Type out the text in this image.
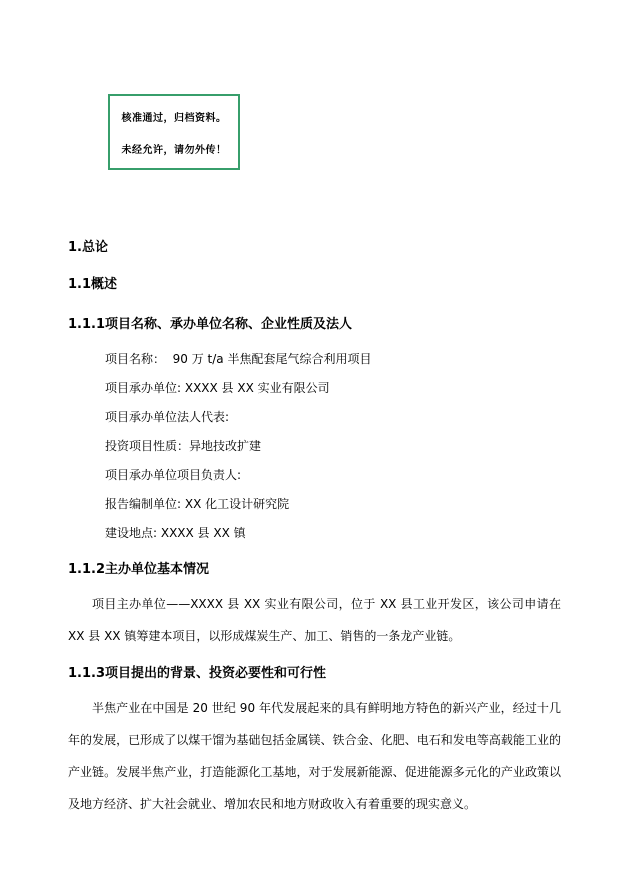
核准通过，归档资料。
未经允许，请勿外传！
1.总论
1.1概述
1.1.1项目名称、承办单位名称、企业性质及法人
项目名称：  90 万 t/a 半焦配套尾气综合利用项目
项目承办单位: XXXX 县 XX 实业有限公司
项目承办单位法人代表:
投资项目性质：异地技改扩建
项目承办单位项目负责人:
报告编制单位: XX 化工设计研究院
建设地点: XXXX 县 XX 镇
1.1.2主办单位基本情况
项目主办单位——XXXX 县 XX 实业有限公司，位于 XX 县工业开发区，该公司申请在 XX 县 XX 镇筹建本项目，以形成煤炭生产、加工、销售的一条龙产业链。
1.1.3项目提出的背景、投资必要性和可行性
半焦产业在中国是 20 世纪 90 年代发展起来的具有鲜明地方特色的新兴产业，经过十几年的发展，已形成了以煤干馏为基础包括金属镁、铁合金、化肥、电石和发电等高载能工业的产业链。发展半焦产业，打造能源化工基地，对于发展新能源、促进能源多元化的产业政策以及地方经济、扩大社会就业、增加农民和地方财政收入有着重要的现实意义。
